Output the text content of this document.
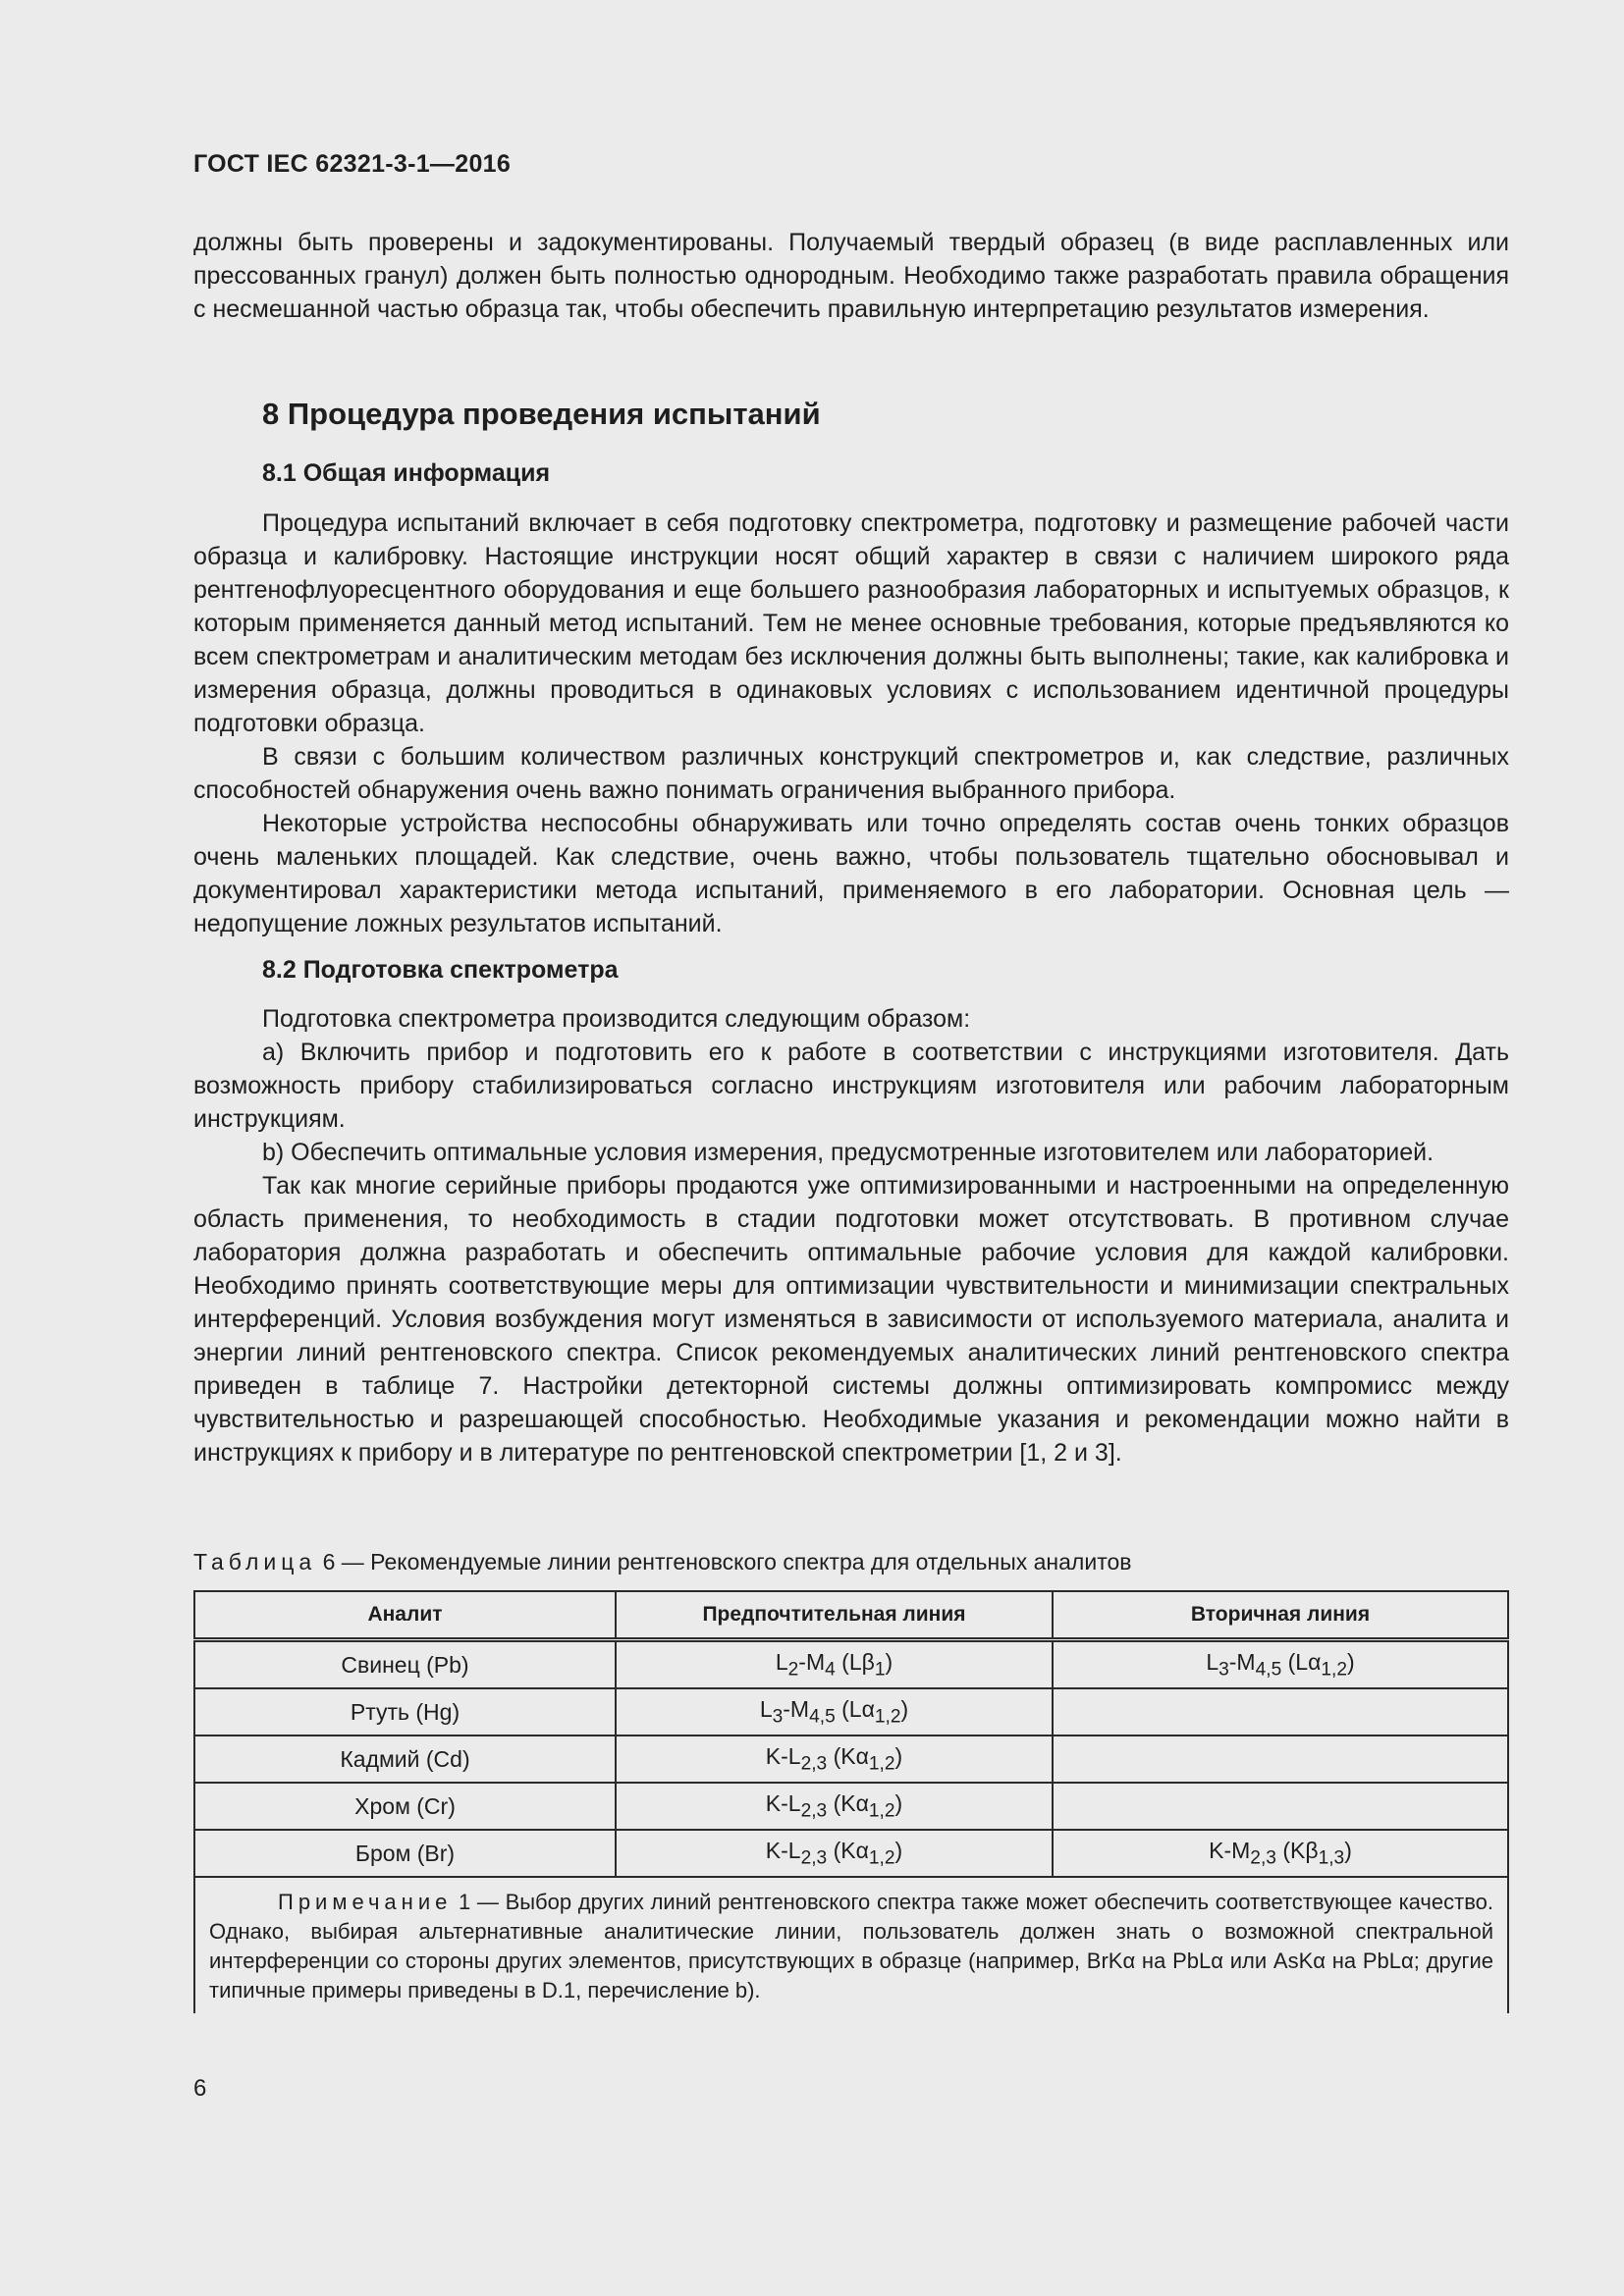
ГОСТ IEC 62321-3-1—2016

должны быть проверены и задокументированы. Получаемый твердый образец (в виде расплавленных или прессованных гранул) должен быть полностью однородным. Необходимо также разработать правила обращения с несмешанной частью образца так, чтобы обеспечить правильную интерпретацию результатов измерения.

8 Процедура проведения испытаний
8.1 Общая информация

Процедура испытаний включает в себя подготовку спектрометра, подготовку и размещение рабочей части образца и калибровку. Настоящие инструкции носят общий характер в связи с наличием широкого ряда рентгенофлуоресцентного оборудования и еще большего разнообразия лабораторных и испытуемых образцов, к которым применяется данный метод испытаний. Тем не менее основные требования, которые предъявляются ко всем спектрометрам и аналитическим методам без исключения должны быть выполнены; такие, как калибровка и измерения образца, должны проводиться в одинаковых условиях с использованием идентичной процедуры подготовки образца.

В связи с большим количеством различных конструкций спектрометров и, как следствие, различных способностей обнаружения очень важно понимать ограничения выбранного прибора.

Некоторые устройства неспособны обнаруживать или точно определять состав очень тонких образцов очень маленьких площадей. Как следствие, очень важно, чтобы пользователь тщательно обосновывал и документировал характеристики метода испытаний, применяемого в его лаборатории. Основная цель — недопущение ложных результатов испытаний.

8.2 Подготовка спектрометра

Подготовка спектрометра производится следующим образом:

a) Включить прибор и подготовить его к работе в соответствии с инструкциями изготовителя. Дать возможность прибору стабилизироваться согласно инструкциям изготовителя или рабочим лабораторным инструкциям.

b) Обеспечить оптимальные условия измерения, предусмотренные изготовителем или лабораторией.

Так как многие серийные приборы продаются уже оптимизированными и настроенными на определенную область применения, то необходимость в стадии подготовки может отсутствовать. В противном случае лаборатория должна разработать и обеспечить оптимальные рабочие условия для каждой калибровки. Необходимо принять соответствующие меры для оптимизации чувствительности и минимизации спектральных интерференций. Условия возбуждения могут изменяться в зависимости от используемого материала, аналита и энергии линий рентгеновского спектра. Список рекомендуемых аналитических линий рентгеновского спектра приведен в таблице 7. Настройки детекторной системы должны оптимизировать компромисс между чувствительностью и разрешающей способностью. Необходимые указания и рекомендации можно найти в инструкциях к прибору и в литературе по рентгеновской спектрометрии [1, 2 и 3].

Таблица 6 — Рекомендуемые линии рентгеновского спектра для отдельных аналитов
Аналит	Предпочтительная линия	Вторичная линия
Свинец (Pb)	$L_2-M_4$ $(L\beta_1)$	$L_3-M_{4,5}$ $(L\alpha_{1,2})$
Ртуть (Hg)	$L_3-M_{4,5}$ $(L\alpha_{1,2})$	
Кадмий (Cd)	$K-L_{2,3}$ $(K\alpha_{1,2})$	
Хром (Cr)	$K-L_{2,3}$ $(K\alpha_{1,2})$	
Бром (Br)	$K-L_{2,3}$ $(K\alpha_{1,2})$	$K-M_{2,3}$ $(K\beta_{1,3})$
Примечание 1 — Выбор других линий рентгеновского спектра также может обеспечить соответствующее качество. Однако, выбирая альтернативные аналитические линии, пользователь должен знать о возможной спектральной интерференции со стороны других элементов, присутствующих в образце (например, BrKα на PbLα или AsKα на PbLα; другие типичные примеры приведены в D.1, перечисление b).		
6
